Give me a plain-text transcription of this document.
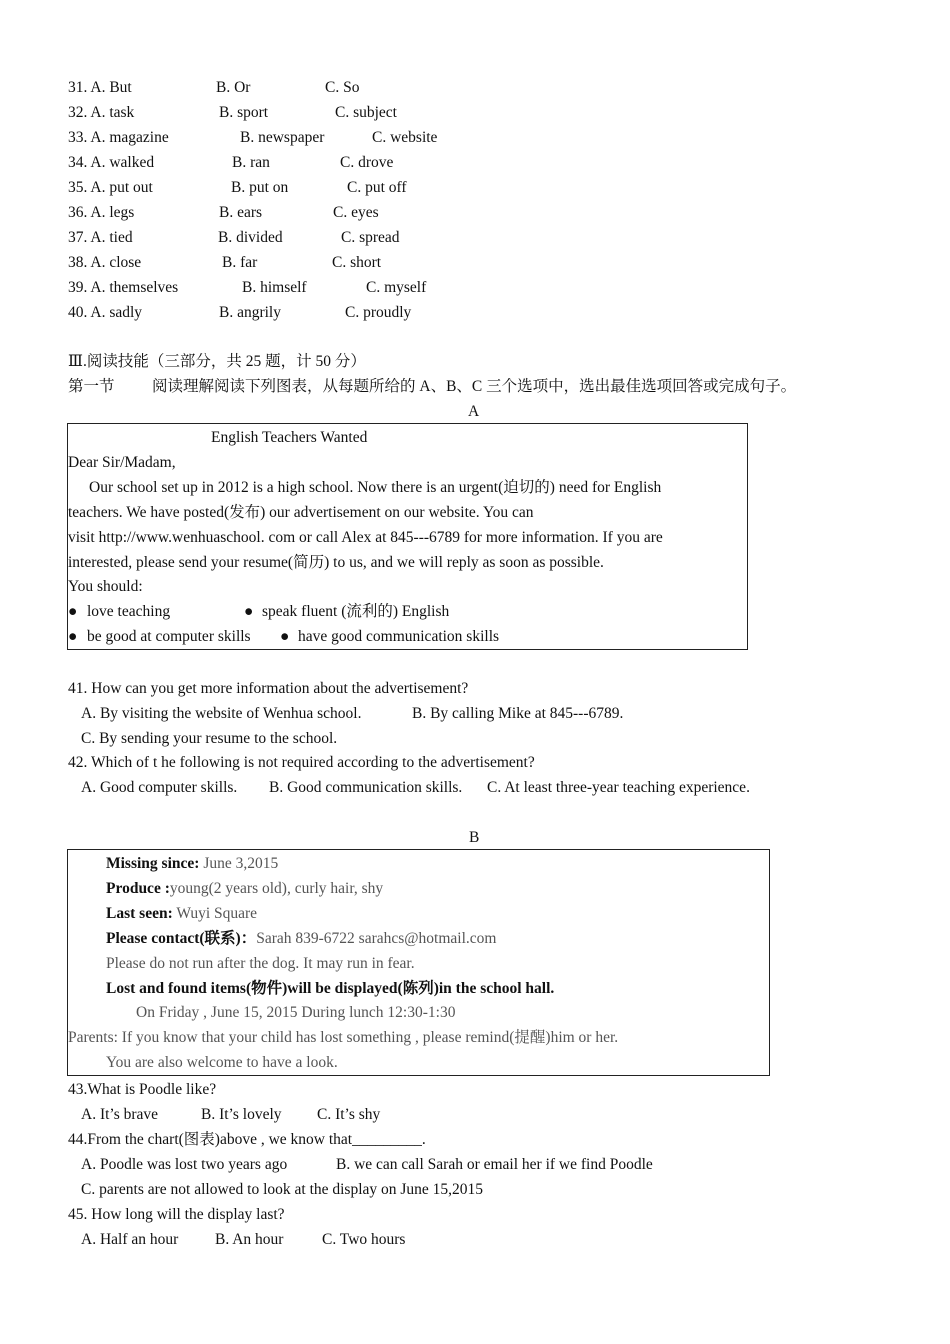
31. A. But	B. Or	C. So
32. A. task	B. sport	C. subject
33. A. magazine	B. newspaper	C. website
34. A. walked	B. ran	C. drove
35. A. put out	B. put on	C. put off
36. A. legs	B. ears	C. eyes
37. A. tied	B. divided	C. spread
38. A. close	B. far	C. short
39. A. themselves	B. himself	C. myself
40. A. sadly	B. angrily	C. proudly
Ⅲ.阅读技能（三部分，共 25 题，计 50 分）
第一节 阅读理解阅读下列图表，从每题所给的 A、B、C 三个选项中，选出最佳选项回答或完成句子。
A
English Teachers Wanted
Dear Sir/Madam,
Our school set up in 2012 is a high school. Now there is an urgent(迫切的) need for English
teachers. We have posted(发布) our advertisement on our website. You can
visit http://www.wenhuaschool. com or call Alex at 845---6789 for more information. If you are
interested, please send your resume(简历) to us, and we will reply as soon as possible.
You should:
● love teaching	● speak fluent (流利的) English
● be good at computer skills ● have good communication skills
41. How can you get more information about the advertisement?
A. By visiting the website of Wenhua school.	B. By calling Mike at 845---6789.
C. By sending your resume to the school.
42. Which of t he following is not required according to the advertisement?
A. Good computer skills. B. Good communication skills. C. At least three-year teaching experience.
B
Missing since: June 3,2015
Produce :young(2 years old), curly hair, shy
Last seen: Wuyi Square
Please contact(联系)：Sarah 839-6722 sarahcs@hotmail.com
Please do not run after the dog. It may run in fear.
Lost and found items(物件)will be displayed(陈列)in the school hall.
On Friday , June 15, 2015 During lunch 12:30-1:30
Parents: If you know that your child has lost something , please remind(提醒)him or her.
You are also welcome to have a look.
43.What is Poodle like?
A. It’s brave	B. It’s lovely C. It’s shy
44.From the chart(图表)above , we know that_________.
A. Poodle was lost two years ago	B. we can call Sarah or email her if we find Poodle
C. parents are not allowed to look at the display on June 15,2015
45. How long will the display last?
A. Half an hour B. An hour C. Two hours
